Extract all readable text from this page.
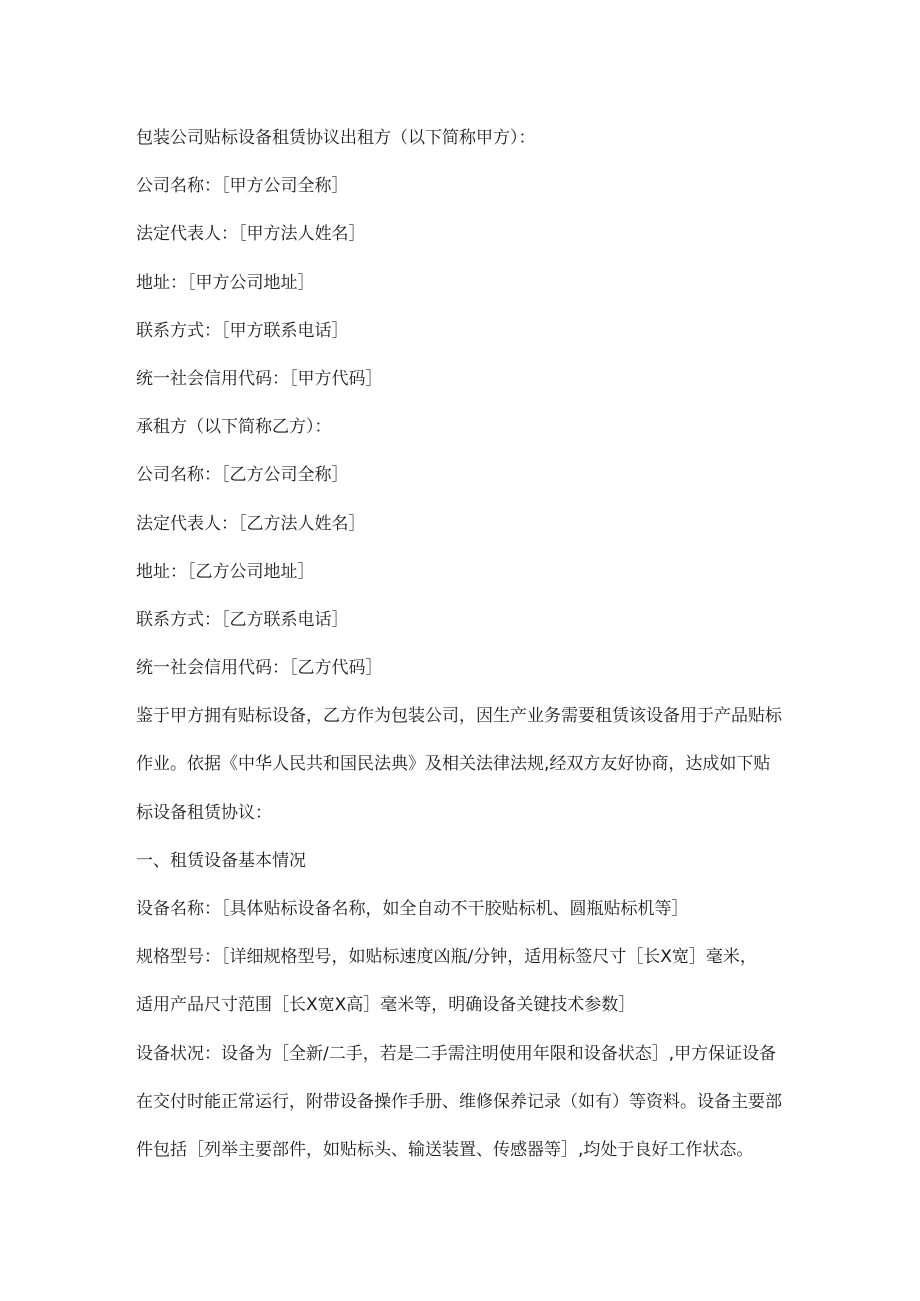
包装公司贴标设备租赁协议出租方（以下简称甲方）：
公司名称：［甲方公司全称］
法定代表人：［甲方法人姓名］
地址：［甲方公司地址］
联系方式：［甲方联系电话］
统一社会信用代码：［甲方代码］
承租方（以下简称乙方）：
公司名称：［乙方公司全称］
法定代表人：［乙方法人姓名］
地址：［乙方公司地址］
联系方式：［乙方联系电话］
统一社会信用代码：［乙方代码］
鉴于甲方拥有贴标设备，乙方作为包装公司，因生产业务需要租赁该设备用于产品贴标
作业。依据《中华人民共和国民法典》及相关法律法规,经双方友好协商，达成如下贴
标设备租赁协议：
一、租赁设备基本情况
设备名称：［具体贴标设备名称，如全自动不干胶贴标机、圆瓶贴标机等］
规格型号：［详细规格型号，如贴标速度凶瓶/分钟，适用标签尺寸［长X宽］毫米，
适用产品尺寸范围［长X宽X高］毫米等，明确设备关键技术参数］
设备状况：设备为［全新/二手，若是二手需注明使用年限和设备状态］,甲方保证设备
在交付时能正常运行，附带设备操作手册、维修保养记录（如有）等资料。设备主要部
件包括［列举主要部件，如贴标头、输送装置、传感器等］,均处于良好工作状态。
